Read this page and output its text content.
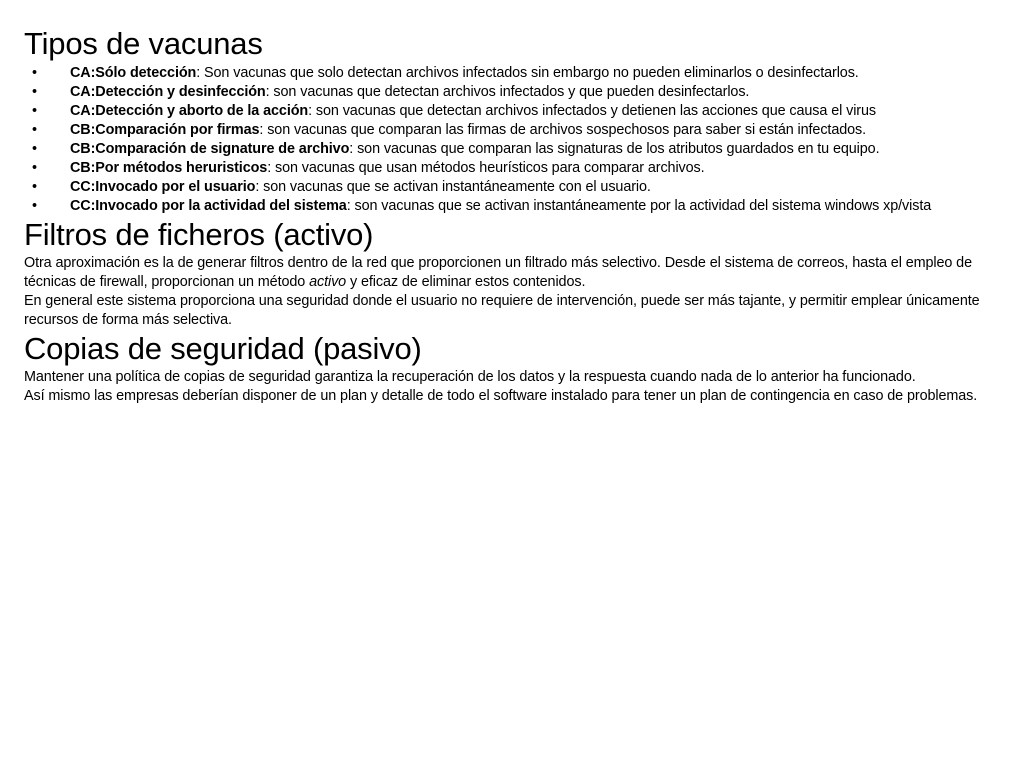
Tipos de vacunas
• CA:Sólo detección: Son vacunas que solo detectan archivos infectados sin embargo no pueden eliminarlos o desinfectarlos.
• CA:Detección y desinfección: son vacunas que detectan archivos infectados y que pueden desinfectarlos.
• CA:Detección y aborto de la acción: son vacunas que detectan archivos infectados y detienen las acciones que causa el virus
• CB:Comparación por firmas: son vacunas que comparan las firmas de archivos sospechosos para saber si están infectados.
• CB:Comparación de signature de archivo: son vacunas que comparan las signaturas de los atributos guardados en tu equipo.
• CB:Por métodos heruristicos: son vacunas que usan métodos heurísticos para comparar archivos.
• CC:Invocado por el usuario: son vacunas que se activan instantáneamente con el usuario.
• CC:Invocado por la actividad del sistema: son vacunas que se activan instantáneamente por la actividad del sistema windows xp/vista
Filtros de ficheros (activo)

Otra aproximación es la de generar filtros dentro de la red que proporcionen un filtrado más selectivo. Desde el sistema de correos, hasta el empleo de técnicas de firewall, proporcionan un método activo y eficaz de eliminar estos contenidos.

En general este sistema proporciona una seguridad donde el usuario no requiere de intervención, puede ser más tajante, y permitir emplear únicamente recursos de forma más selectiva.

Copias de seguridad (pasivo)

Mantener una política de copias de seguridad garantiza la recuperación de los datos y la respuesta cuando nada de lo anterior ha funcionado.

Así mismo las empresas deberían disponer de un plan y detalle de todo el software instalado para tener un plan de contingencia en caso de problemas.
